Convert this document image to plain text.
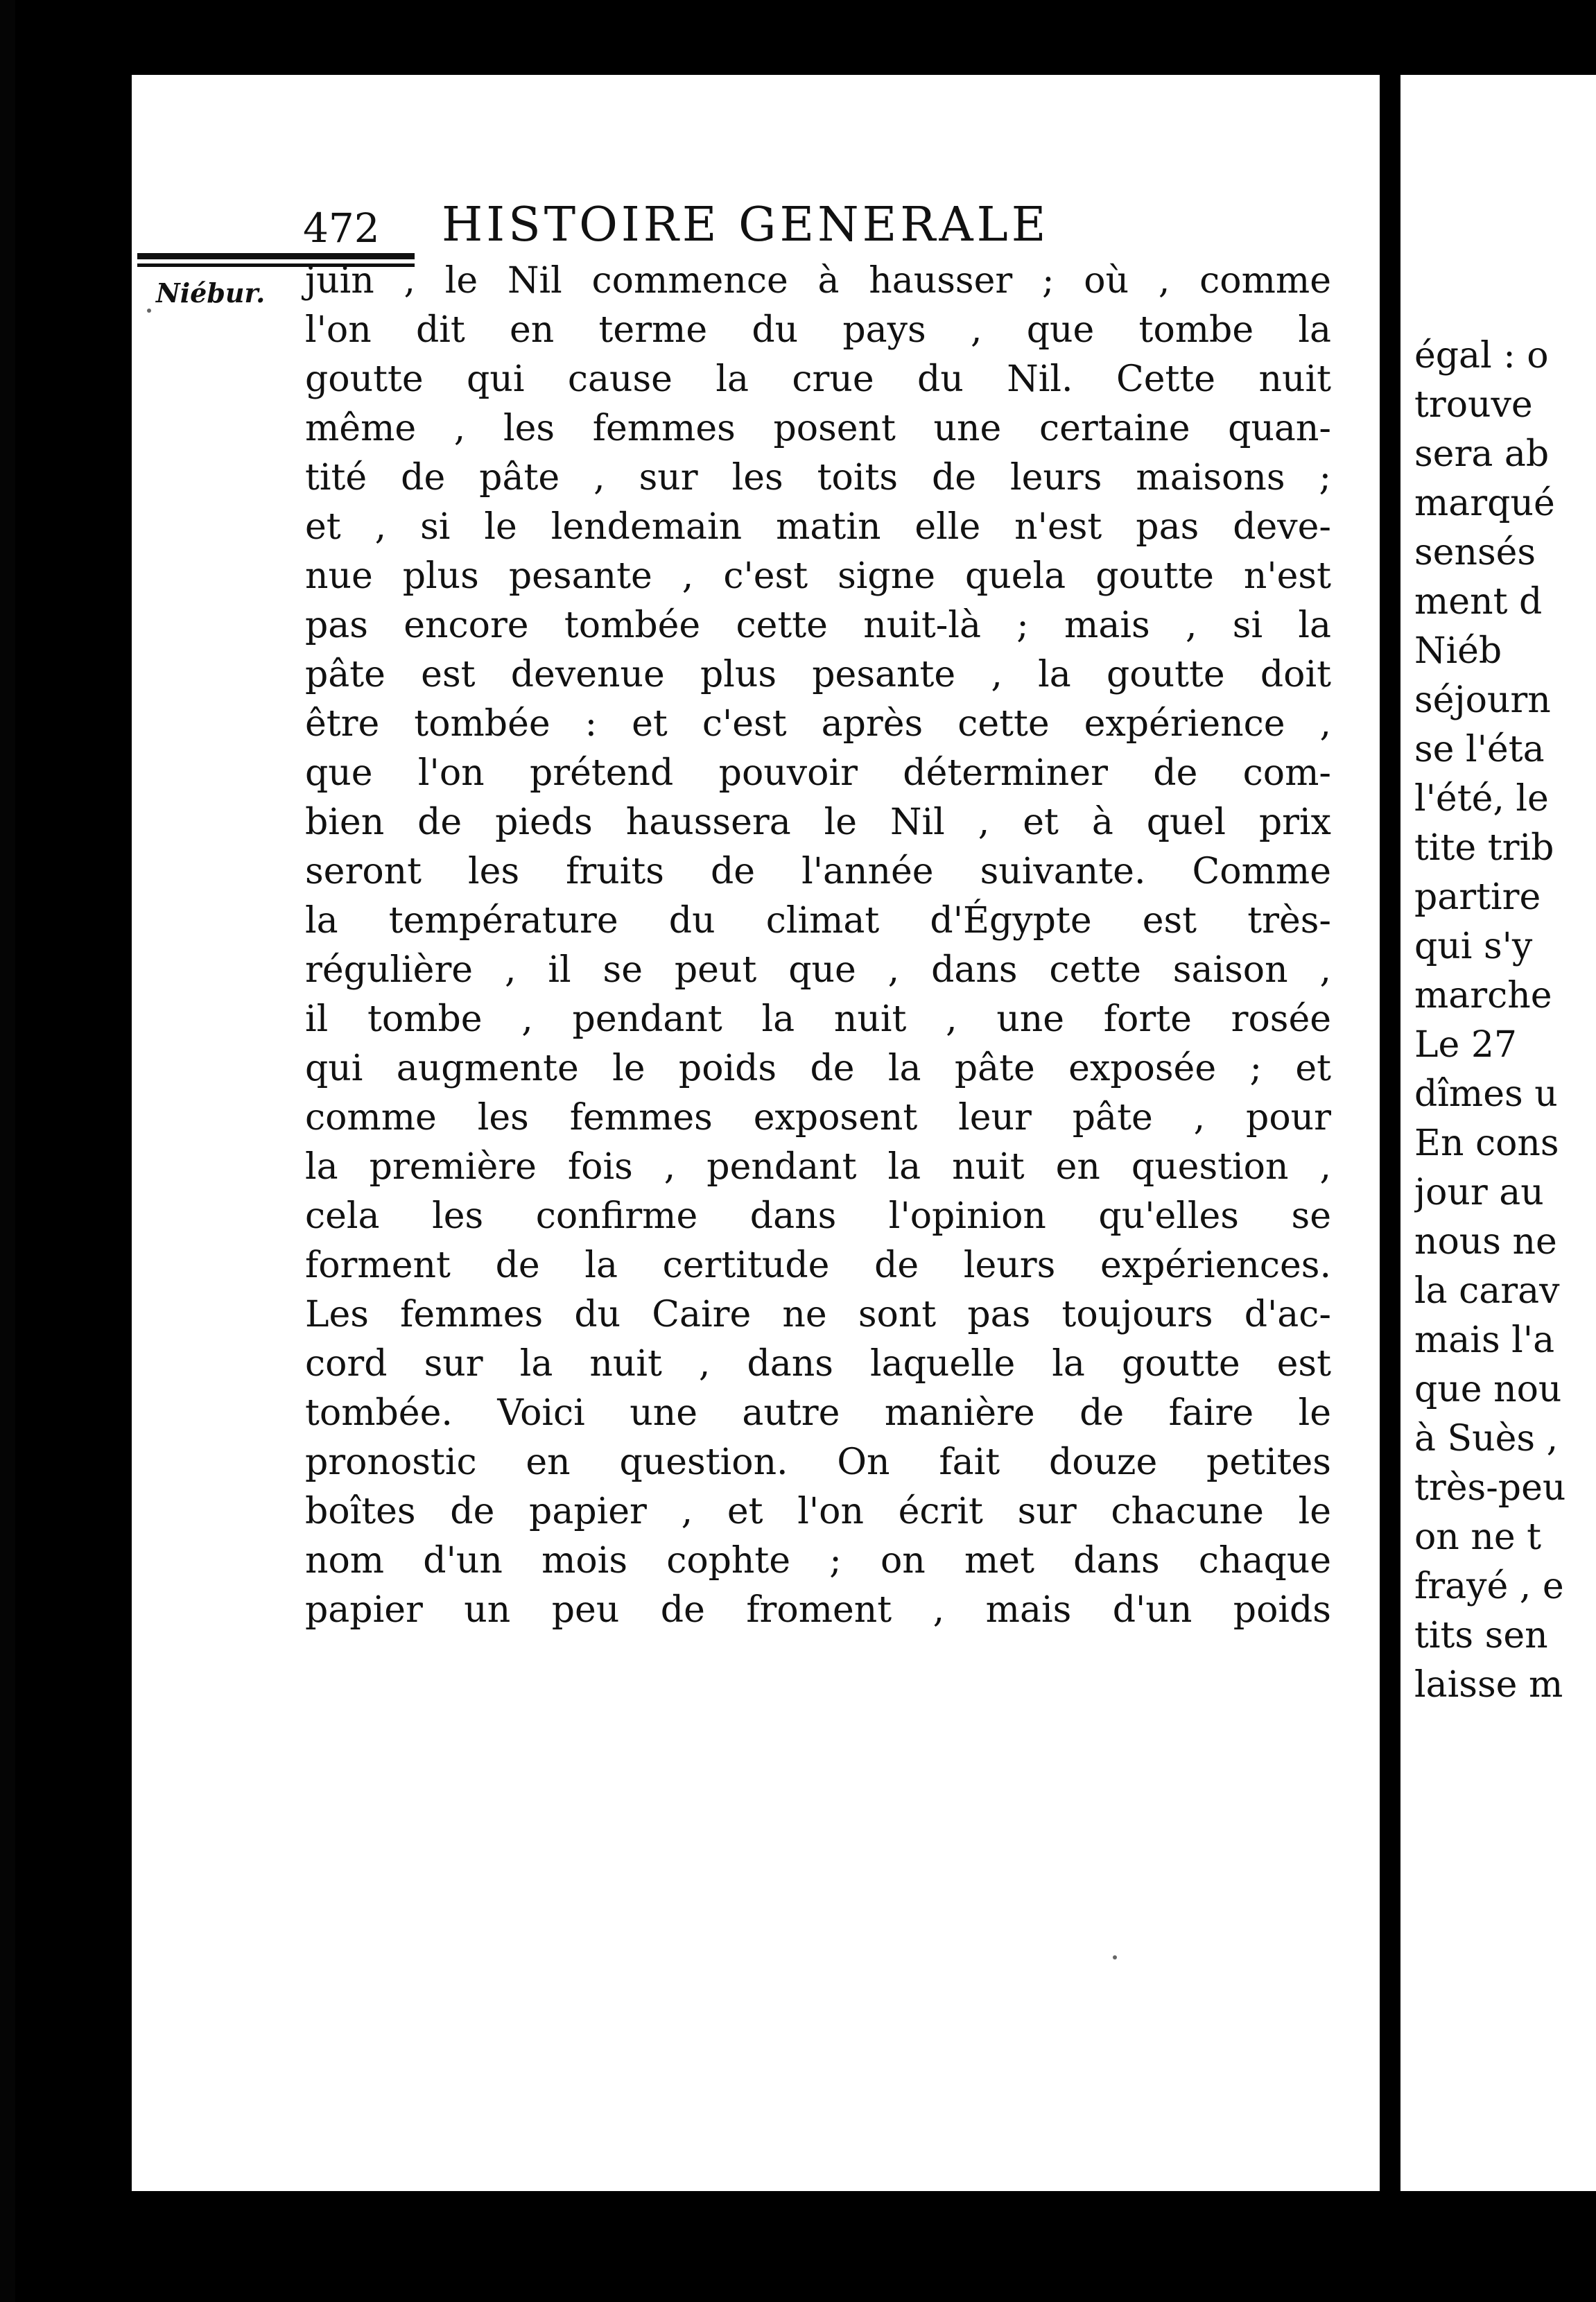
472 HISTOIRE GENERALE
Niébur. juin , le Nil commence à hausser ; où , comme
l'on dit en terme du pays , que tombe la
goutte qui cause la crue du Nil. Cette nuit
même , les femmes posent une certaine quan-
tité de pâte , sur les toits de leurs maisons ;
et , si le lendemain matin elle n'est pas deve-
nue plus pesante , c'est signe quela goutte n'est
pas encore tombée cette nuit-là ; mais , si la
pâte est devenue plus pesante , la goutte doit
être tombée : et c'est après cette expérience ,
que l'on prétend pouvoir déterminer de com-
bien de pieds haussera le Nil , et à quel prix
seront les fruits de l'année suivante. Comme
la température du climat d'Égypte est très-
régulière , il se peut que , dans cette saison ,
il tombe , pendant la nuit , une forte rosée
qui augmente le poids de la pâte exposée ; et
comme les femmes exposent leur pâte , pour
la première fois , pendant la nuit en question ,
cela les confirme dans l'opinion qu'elles se
forment de la certitude de leurs expériences.
Les femmes du Caire ne sont pas toujours d'ac-
cord sur la nuit , dans laquelle la goutte est
tombée. Voici une autre manière de faire le
pronostic en question. On fait douze petites
boîtes de papier , et l'on écrit sur chacune le
nom d'un mois cophte ; on met dans chaque
papier un peu de froment , mais d'un poids
égal : o
trouve
sera ab
marqué
sensés
ment d
Niéb
séjourn
se l'éta
l'été, le
tite trib
partire
qui s'y
marche
Le 27
dîmes u
En cons
jour au
nous ne
la carav
mais l'a
que nou
à Suès ,
très-peu
on ne t
frayé , e
tits sen
laisse m
